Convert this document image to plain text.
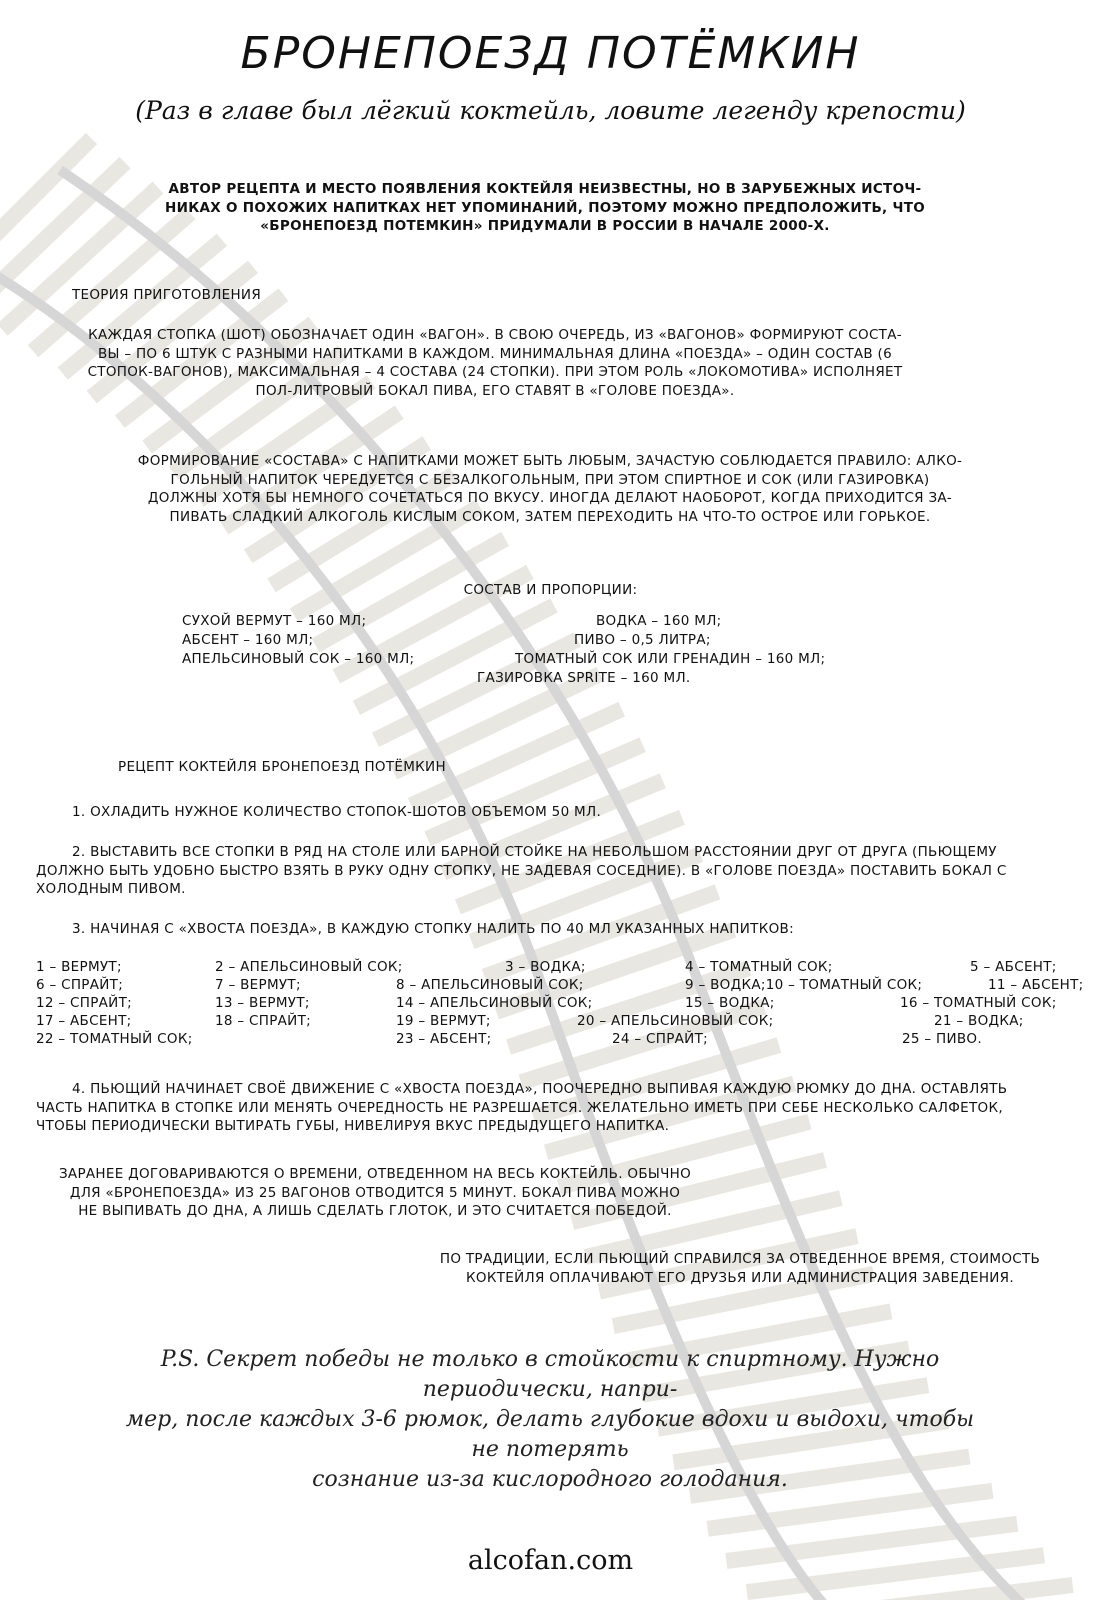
БРОНЕПОЕЗД ПОТЁМКИН
(Раз в главе был лёгкий коктейль, ловите легенду крепости)
АВТОР РЕЦЕПТА И МЕСТО ПОЯВЛЕНИЯ КОКТЕЙЛЯ НЕИЗВЕСТНЫ, НО В ЗАРУБЕЖНЫХ ИСТОЧ-
НИКАХ О ПОХОЖИХ НАПИТКАХ НЕТ УПОМИНАНИЙ, ПОЭТОМУ МОЖНО ПРЕДПОЛОЖИТЬ, ЧТО
«БРОНЕПОЕЗД ПОТЕМКИН» ПРИДУМАЛИ В РОССИИ В НАЧАЛЕ 2000-Х.
ТЕОРИЯ ПРИГОТОВЛЕНИЯ
КАЖДАЯ СТОПКА (ШОТ) ОБОЗНАЧАЕТ ОДИН «ВАГОН». В СВОЮ ОЧЕРЕДЬ, ИЗ «ВАГОНОВ» ФОРМИРУЮТ СОСТА-
ВЫ – ПО 6 ШТУК С РАЗНЫМИ НАПИТКАМИ В КАЖДОМ. МИНИМАЛЬНАЯ ДЛИНА «ПОЕЗДА» – ОДИН СОСТАВ (6
СТОПОК-ВАГОНОВ), МАКСИМАЛЬНАЯ – 4 СОСТАВА (24 СТОПКИ). ПРИ ЭТОМ РОЛЬ «ЛОКОМОТИВА» ИСПОЛНЯЕТ
ПОЛ-ЛИТРОВЫЙ БОКАЛ ПИВА, ЕГО СТАВЯТ В «ГОЛОВЕ ПОЕЗДА».
ФОРМИРОВАНИЕ «СОСТАВА» С НАПИТКАМИ МОЖЕТ БЫТЬ ЛЮБЫМ, ЗАЧАСТУЮ СОБЛЮДАЕТСЯ ПРАВИЛО: АЛКО-
ГОЛЬНЫЙ НАПИТОК ЧЕРЕДУЕТСЯ С БЕЗАЛКОГОЛЬНЫМ, ПРИ ЭТОМ СПИРТНОЕ И СОК (ИЛИ ГАЗИРОВКА)
ДОЛЖНЫ ХОТЯ БЫ НЕМНОГО СОЧЕТАТЬСЯ ПО ВКУСУ. ИНОГДА ДЕЛАЮТ НАОБОРОТ, КОГДА ПРИХОДИТСЯ ЗА-
ПИВАТЬ СЛАДКИЙ АЛКОГОЛЬ КИСЛЫМ СОКОМ, ЗАТЕМ ПЕРЕХОДИТЬ НА ЧТО-ТО ОСТРОЕ ИЛИ ГОРЬКОЕ.
СОСТАВ И ПРОПОРЦИИ:
СУХОЙ ВЕРМУТ – 160 МЛ;
АБСЕНТ – 160 МЛ;
АПЕЛЬСИНОВЫЙ СОК – 160 МЛ;
ВОДКА – 160 МЛ;
ПИВО – 0,5 ЛИТРА;
ТОМАТНЫЙ СОК ИЛИ ГРЕНАДИН – 160 МЛ;
ГАЗИРОВКА SPRITE – 160 МЛ.
РЕЦЕПТ КОКТЕЙЛЯ БРОНЕПОЕЗД ПОТЁМКИН
1. ОХЛАДИТЬ НУЖНОЕ КОЛИЧЕСТВО СТОПОК-ШОТОВ ОБЪЕМОМ 50 МЛ.
2. ВЫСТАВИТЬ ВСЕ СТОПКИ В РЯД НА СТОЛЕ ИЛИ БАРНОЙ СТОЙКЕ НА НЕБОЛЬШОМ РАССТОЯНИИ ДРУГ ОТ ДРУГА (ПЬЮЩЕМУ
ДОЛЖНО БЫТЬ УДОБНО БЫСТРО ВЗЯТЬ В РУКУ ОДНУ СТОПКУ, НЕ ЗАДЕВАЯ СОСЕДНИЕ). В «ГОЛОВЕ ПОЕЗДА» ПОСТАВИТЬ БОКАЛ С
ХОЛОДНЫМ ПИВОМ.
3. НАЧИНАЯ С «ХВОСТА ПОЕЗДА», В КАЖДУЮ СТОПКУ НАЛИТЬ ПО 40 МЛ УКАЗАННЫХ НАПИТКОВ:
1 – ВЕРМУТ;	2 – АПЕЛЬСИНОВЫЙ СОК;	3 – ВОДКА;	4 – ТОМАТНЫЙ СОК;	5 – АБСЕНТ;
6 – СПРАЙТ;	7 – ВЕРМУТ;	8 – АПЕЛЬСИНОВЫЙ СОК;	9 – ВОДКА;10 – ТОМАТНЫЙ СОК;	11 – АБСЕНТ;
12 – СПРАЙТ;	13 – ВЕРМУТ;	14 – АПЕЛЬСИНОВЫЙ СОК;	15 – ВОДКА;	16 – ТОМАТНЫЙ СОК;
17 – АБСЕНТ;	18 – СПРАЙТ;	19 – ВЕРМУТ;	20 – АПЕЛЬСИНОВЫЙ СОК;	21 – ВОДКА;
22 – ТОМАТНЫЙ СОК;	23 – АБСЕНТ;	24 – СПРАЙТ;	25 – ПИВО.
4. ПЬЮЩИЙ НАЧИНАЕТ СВОЁ ДВИЖЕНИЕ С «ХВОСТА ПОЕЗДА», ПООЧЕРЕДНО ВЫПИВАЯ КАЖДУЮ РЮМКУ ДО ДНА. ОСТАВЛЯТЬ
ЧАСТЬ НАПИТКА В СТОПКЕ ИЛИ МЕНЯТЬ ОЧЕРЕДНОСТЬ НЕ РАЗРЕШАЕТСЯ. ЖЕЛАТЕЛЬНО ИМЕТЬ ПРИ СЕБЕ НЕСКОЛЬКО САЛФЕТОК,
ЧТОБЫ ПЕРИОДИЧЕСКИ ВЫТИРАТЬ ГУБЫ, НИВЕЛИРУЯ ВКУС ПРЕДЫДУЩЕГО НАПИТКА.
ЗАРАНЕЕ ДОГОВАРИВАЮТСЯ О ВРЕМЕНИ, ОТВЕДЕННОМ НА ВЕСЬ КОКТЕЙЛЬ. ОБЫЧНО
ДЛЯ «БРОНЕПОЕЗДА» ИЗ 25 ВАГОНОВ ОТВОДИТСЯ 5 МИНУТ. БОКАЛ ПИВА МОЖНО
НЕ ВЫПИВАТЬ ДО ДНА, А ЛИШЬ СДЕЛАТЬ ГЛОТОК, И ЭТО СЧИТАЕТСЯ ПОБЕДОЙ.
ПО ТРАДИЦИИ, ЕСЛИ ПЬЮЩИЙ СПРАВИЛСЯ ЗА ОТВЕДЕННОЕ ВРЕМЯ, СТОИМОСТЬ
КОКТЕЙЛЯ ОПЛАЧИВАЮТ ЕГО ДРУЗЬЯ ИЛИ АДМИНИСТРАЦИЯ ЗАВЕДЕНИЯ.
P.S. Секрет победы не только в стойкости к спиртному. Нужно периодически, напри-
мер, после каждых 3-6 рюмок, делать глубокие вдохи и выдохи, чтобы не потерять
сознание из-за кислородного голодания.
alcofan.com
